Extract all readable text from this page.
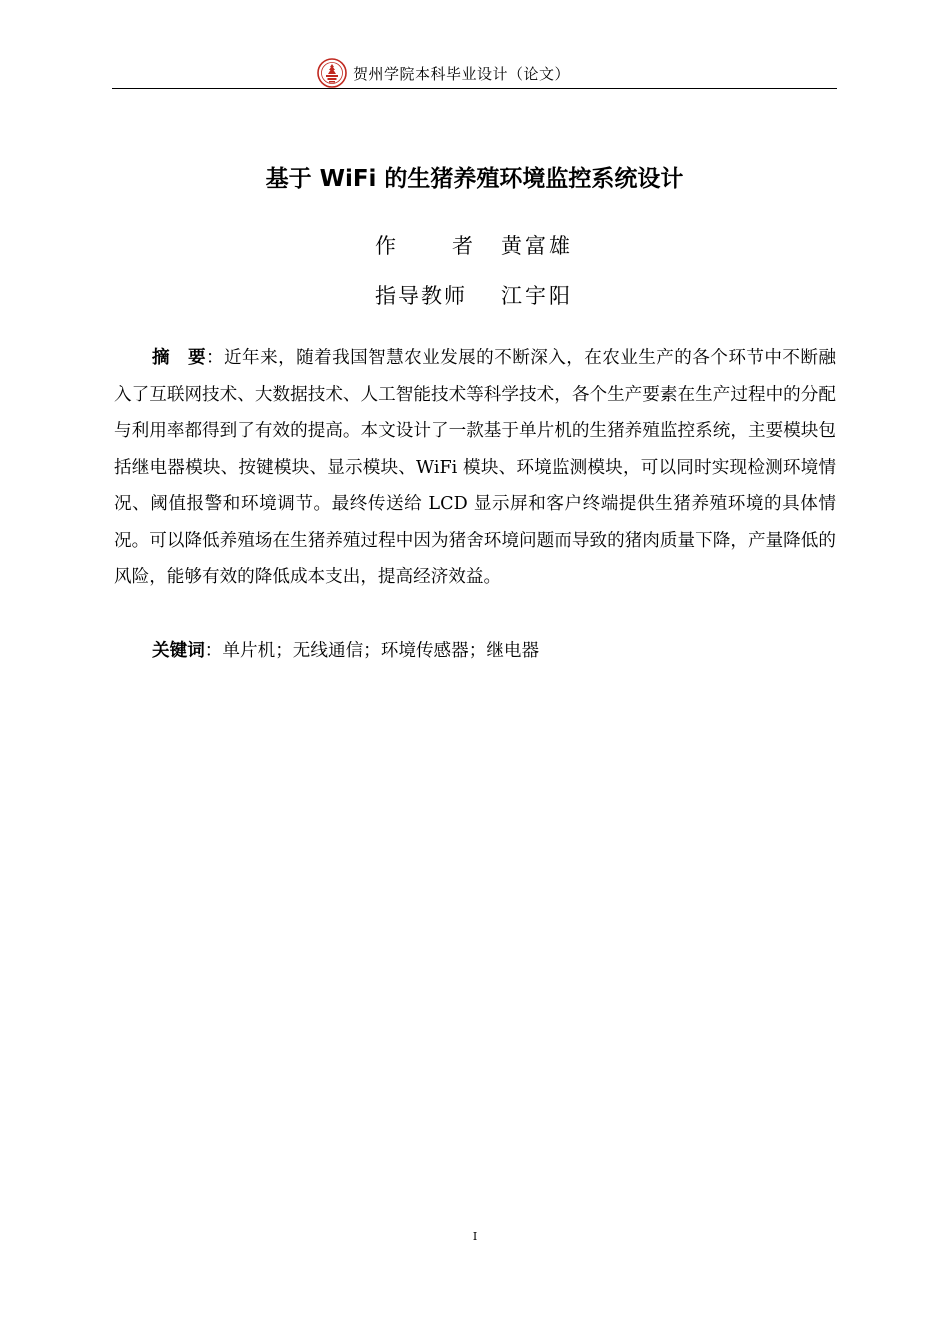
贺州学院本科毕业设计（论文）
基于 WiFi 的生猪养殖环境监控系统设计
作	者 黄富雄
指导教师 江宇阳

摘　要：近年来，随着我国智慧农业发展的不断深入，在农业生产的各个环节中不断融入了互联网技术、大数据技术、人工智能技术等科学技术，各个生产要素在生产过程中的分配与利用率都得到了有效的提高。本文设计了一款基于单片机的生猪养殖监控系统，主要模块包括继电器模块、按键模块、显示模块、WiFi 模块、环境监测模块，可以同时实现检测环境情况、阈值报警和环境调节。最终传送给 LCD 显示屏和客户终端提供生猪养殖环境的具体情况。可以降低养殖场在生猪养殖过程中因为猪舍环境问题而导致的猪肉质量下降，产量降低的风险，能够有效的降低成本支出，提高经济效益。

关键词：单片机；无线通信；环境传感器；继电器

I
